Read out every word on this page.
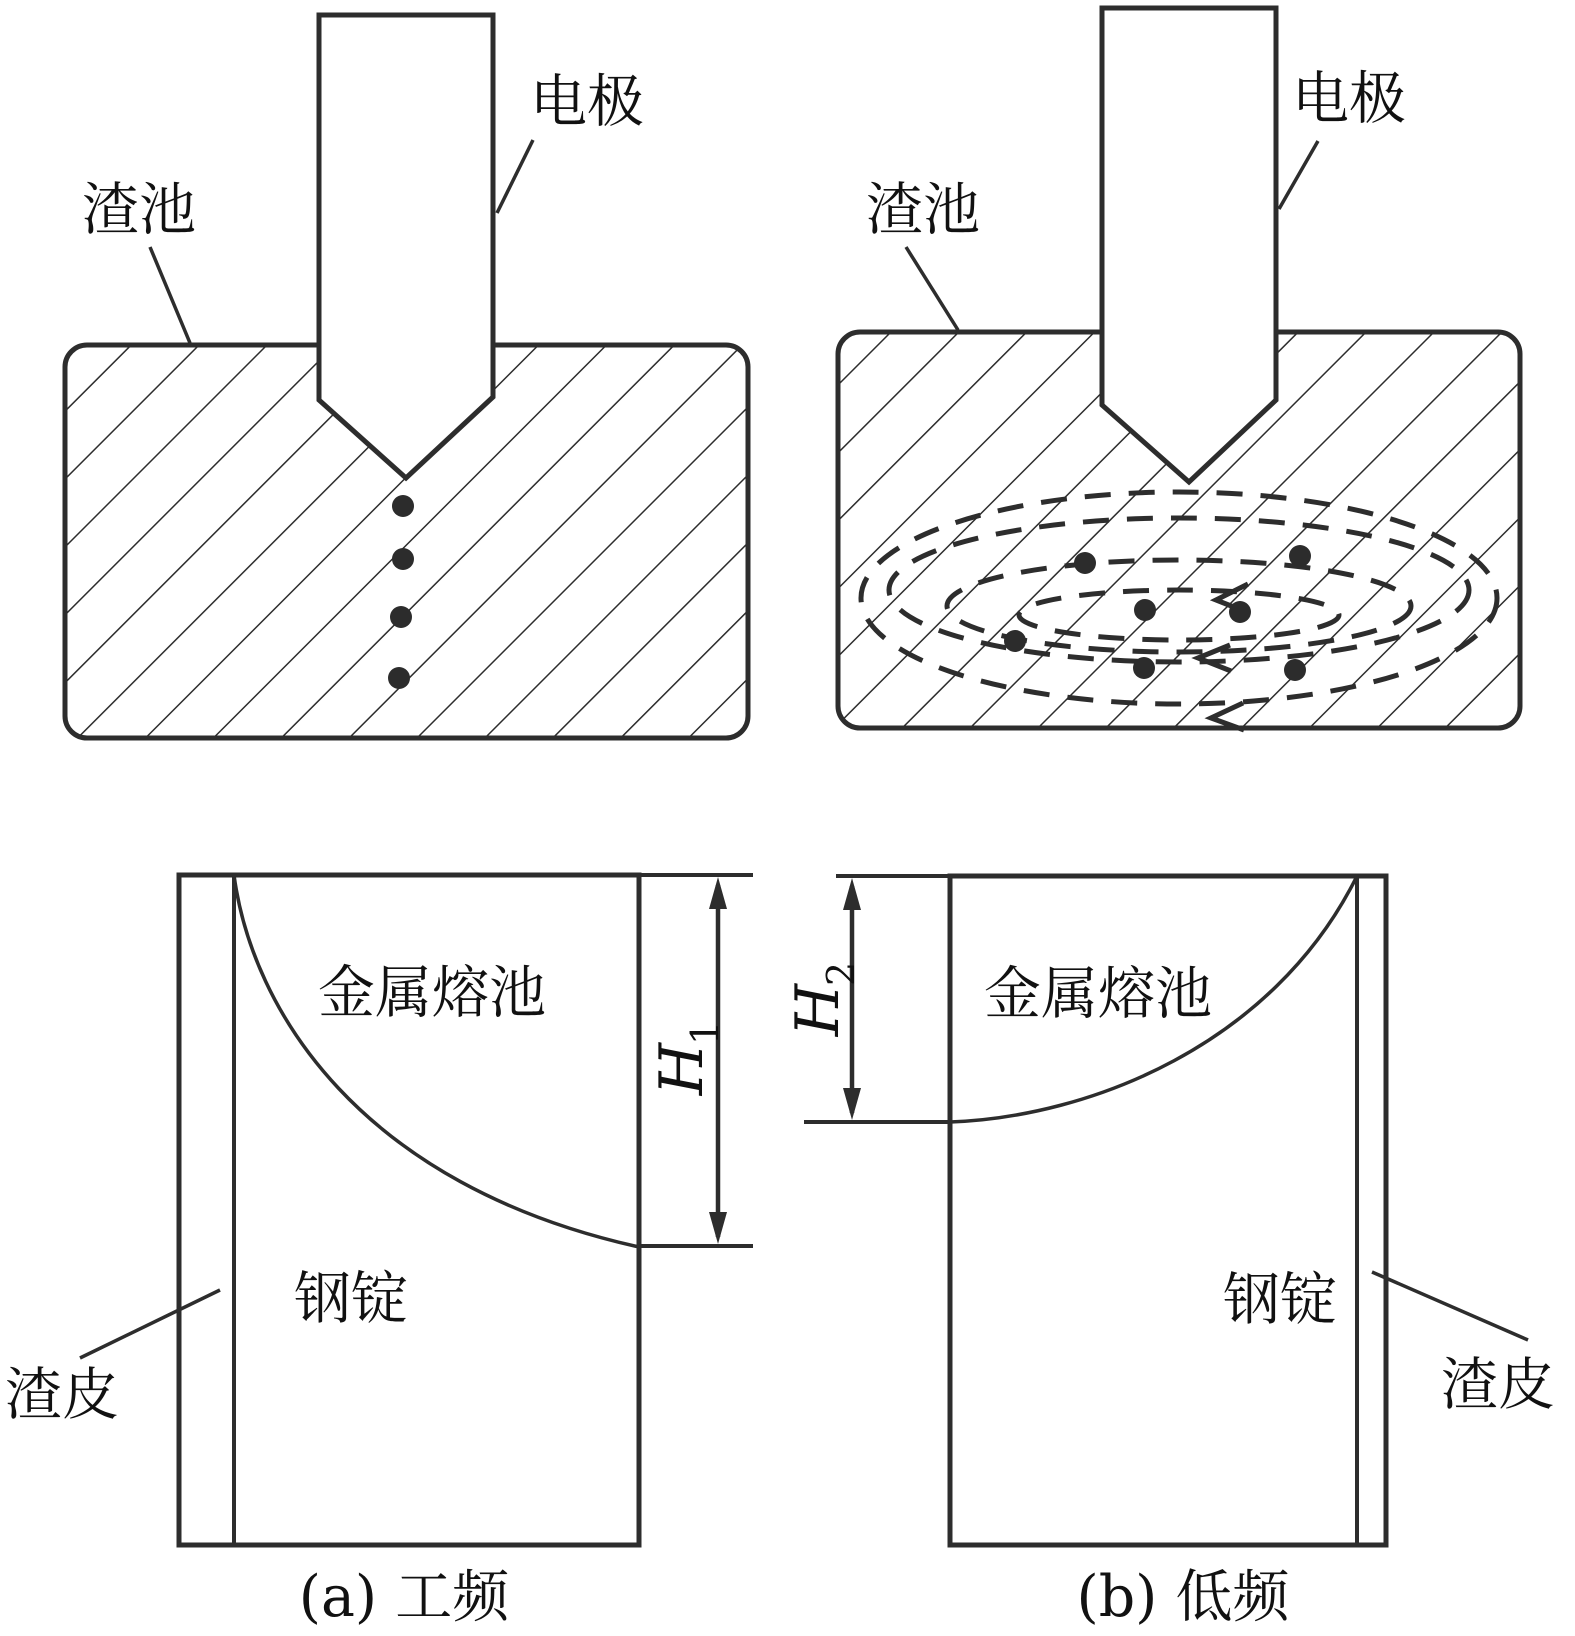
电极
渣池
电极
渣池
H1
金属熔池
钢锭
渣皮
(a) 工频
H2 金属熔池
钢锭
渣皮
(b) 低频
